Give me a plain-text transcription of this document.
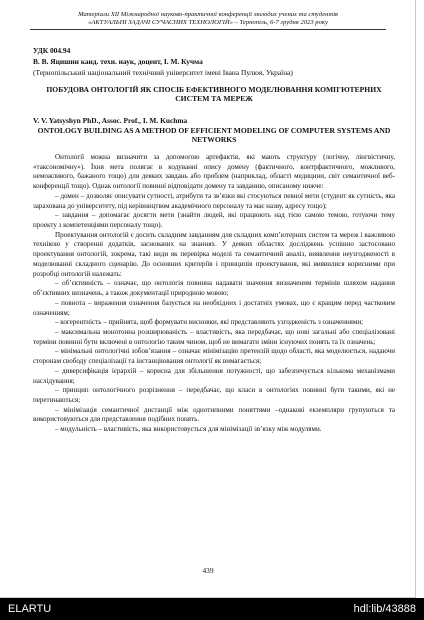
Матеріали XII Міжнародної науково-практичної конференції молодих учених та студентів
«АКТУАЛЬНІ ЗАДАЧІ СУЧАСНИХ ТЕХНОЛОГІЙ» – Тернопіль, 6-7 грудня 2023 року
УДК 004.94
В. В. Яцишин канд. техн. наук, доцент, І. М. Кучма
(Тернопільський національний технічний університет імені Івана Пулюя, Україна)
ПОБУДОВА ОНТОЛОГІЙ ЯК СПОСІБ ЕФЕКТИВНОГО МОДЕЛЮВАННЯ КОМП'ЮТЕРНИХ СИСТЕМ ТА МЕРЕЖ
V. V. Yatsyshyn PhD., Assoc. Prof., I. M. Kuchma
ONTOLOGY BUILDING AS A METHOD OF EFFICIENT MODELING OF COMPUTER SYSTEMS AND NETWORKS

Онтології можна визначити за допомогою артефактів, які мають структуру (логічну, лінгвістичну, «таксономічну»). Їхня мета полягає в кодуванні опису домену (фактичного, контрфактичного, можливого, неможливого, бажаного тощо) для деяких завдань або проблем (наприклад, області медицини, світ семантичної веб-конференції тощо). Однак онтології повинні відповідати домену та завданню, описаному нижче:

– домен – дозволяє описувати сутності, атрибути та зв’язки які стосуються певної мети (студент як сутність, яка зарахована до університету, під керівництвом академічного персоналу та має назву, адресу тощо);

– завдання – допомагає досягти мети (знайти людей, які працюють над тією самою темою, готуючи тему проекту з компетенціями персоналу тощо).

Проектування онтологій є досить складним завданням для складних комп’ютерних систем та мереж і важливою технікою у створенні додатків, заснованих на знаннях. У деяких областях досліджень успішно застосовано проектування онтологій, зокрема, такі види як перевірка моделі та семантичний аналіз, виявлення неузгодженості в моделюванні складного сценарію. До основних критеріїв і принципів проектування, які виявилися корисними при розробці онтологій належать:

– об’єктивність – означає, що онтологія повинна надавати значення визначеним термінів шляхом надання об’єктивних визначень, а також документації природною мовою;

– повнота – вираження означення базується на необхідних і достатніх умовах, що є кращим перед частковим означенням;

– когерентність – прийнята, щоб формувати висновки, які представляють узгодженість з означеннями;

– максимальна монотонна розширюваність – властивість, яка передбачає, що нові загальні або спеціалізовані терміни повинні бути включені в онтологію таким чином, щоб не вимагати зміни існуючих понять та їх означень;

– мінімальні онтологічні зобов’язання – означає мінімізацію претензій щодо області, яка моделюється, надаючи сторонам свободу спеціалізації та інстанціювання онтології як вимагається;

– диверсифікація ієрархій – корисна для збільшення потужності, що забезпечується кількома механізмами наслідування;

– принцип онтологічного розрізнення – передбачає, що класи в онтологіях повинні бути такими, які не перетинаються;

– мінімізація семантичної дистанції між однотипними поняттями –однакові екземпляри групуються та використовуються для представлення подібних понять.

– модульність – властивість, яка використовується для мінімізації зв’язку між модулями.

439
ELARTU	hdl:lib/43888
